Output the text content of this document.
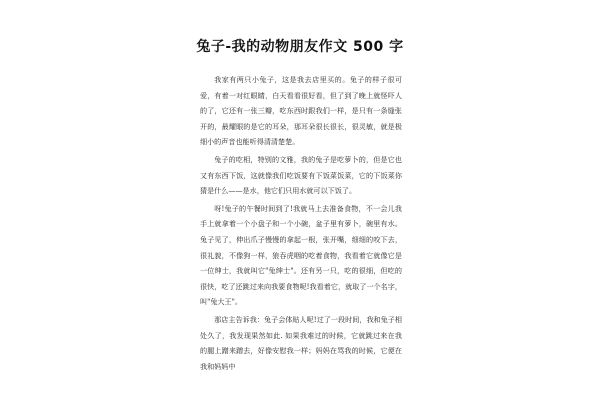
兔子-我的动物朋友作文 500 字

我家有两只小兔子，这是我去店里买的。兔子的样子很可爱，有着一对红眼睛，白天看看很好看，但了到了晚上就怪吓人的了，它还有一张三瓣，吃东西时跟我们一样，是只有一条缝张开的，最耀眼的是它的耳朵，那耳朵很长很长，很灵敏，就是极细小的声音也能听得清清楚楚。

兔子的吃相，特别的文雅，我的兔子是吃萝卜的，但是它也又有东西下饭，这就像我们吃饭要有下饭菜饭菜，它的下饭菜你猜是什么——是水，他它们只用水就可以下饭了。

呀!兔子的午餐时间到了!我就马上去准备食物，不一会儿我手上就拿着一个小盘子和一个小碗，盆子里有萝卜，碗里有水。兔子见了，伸出爪子慢慢的拿起一根，张开嘴，细细的咬下去，很礼貌，不像狗一样，狼吞虎咽的吃着食物，我看着它就像它是一位绅士，我就叫它"兔绅士"。还有另一只，吃的很细，但吃的很快，吃了还跳过来向我要食物呢!我看着它，就取了一个名字，叫"兔大王"。

那店主告诉我：兔子会体贴人呢!过了一段时间，我和兔子相处久了，我发现果然如此. 如果我难过的时候，它就跳过来在我的腿上蹭来蹭去，好像安慰我一样；妈妈在骂我的时候，它便在我和妈妈中
